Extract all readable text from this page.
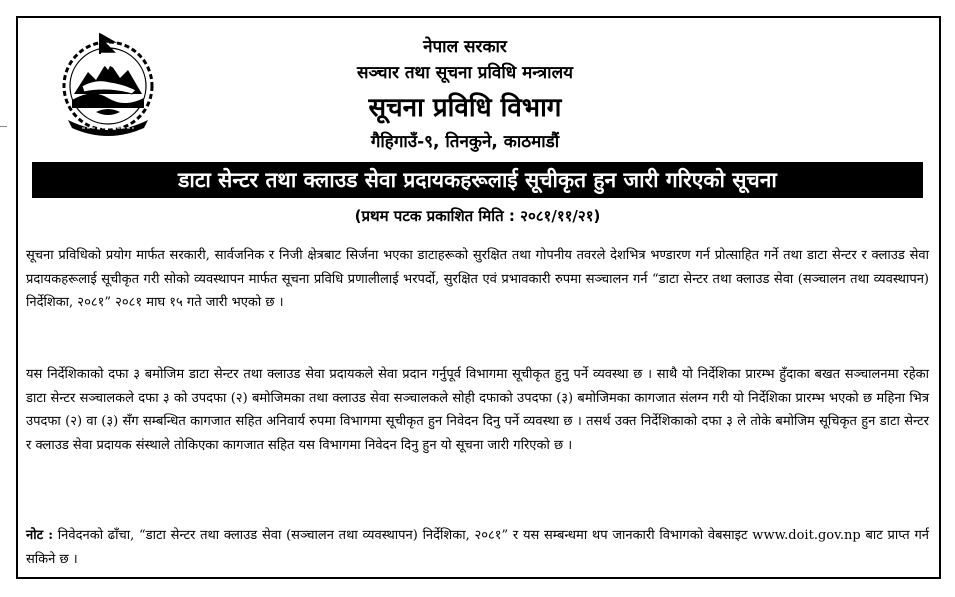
नेपाल सरकार
सञ्चार तथा सूचना प्रविधि मन्त्रालय
सूचना प्रविधि विभाग
गैहिगाउँ-९, तिनकुने, काठमाडौं
डाटा सेन्टर तथा क्लाउड सेवा प्रदायकहरूलाई सूचीकृत हुन जारी गरिएको सूचना
(प्रथम पटक प्रकाशित मिति : २०८१/११/२१)

सूचना प्रविधिको प्रयोग मार्फत सरकारी, सार्वजनिक र निजी क्षेत्रबाट सिर्जना भएका डाटाहरूको सुरक्षित तथा गोपनीय तवरले देशभित्र भण्डारण गर्न प्रोत्साहित गर्ने तथा डाटा सेन्टर र क्लाउड सेवा प्रदायकहरूलाई सूचीकृत गरी सोको व्यवस्थापन मार्फत सूचना प्रविधि प्रणालीलाई भरपर्दो, सुरक्षित एवं प्रभावकारी रुपमा सञ्चालन गर्न “डाटा सेन्टर तथा क्लाउड सेवा (सञ्चालन तथा व्यवस्थापन) निर्देशिका, २०८१” २०८१ माघ १५ गते जारी भएको छ ।

यस निर्देशिकाको दफा ३ बमोजिम डाटा सेन्टर तथा क्लाउड सेवा प्रदायकले सेवा प्रदान गर्नुपूर्व विभागमा सूचीकृत हुनु पर्ने व्यवस्था छ । साथै यो निर्देशिका प्रारम्भ हुँदाका बखत सञ्चालनमा रहेका डाटा सेन्टर सञ्चालकले दफा ३ को उपदफा (२) बमोजिमका तथा क्लाउड सेवा सञ्चालकले सोही दफाको उपदफा (३) बमोजिमका कागजात संलग्न गरी यो निर्देशिका प्रारम्भ भएको छ महिना भित्र उपदफा (२) वा (३) सँग सम्बन्धित कागजात सहित अनिवार्य रुपमा विभागमा सूचीकृत हुन निवेदन दिनु पर्ने व्यवस्था छ । तसर्थ उक्त निर्देशिकाको दफा ३ ले तोके बमोजिम सूचिकृत हुन डाटा सेन्टर र क्लाउड सेवा प्रदायक संस्थाले तोकिएका कागजात सहित यस विभागमा निवेदन दिनु हुन यो सूचना जारी गरिएको छ ।

नोट : निवेदनको ढाँचा, “डाटा सेन्टर तथा क्लाउड सेवा (सञ्चालन तथा व्यवस्थापन) निर्देशिका, २०८१” र यस सम्बन्धमा थप जानकारी विभागको वेबसाइट www.doit.gov.np बाट प्राप्त गर्न सकिने छ ।
